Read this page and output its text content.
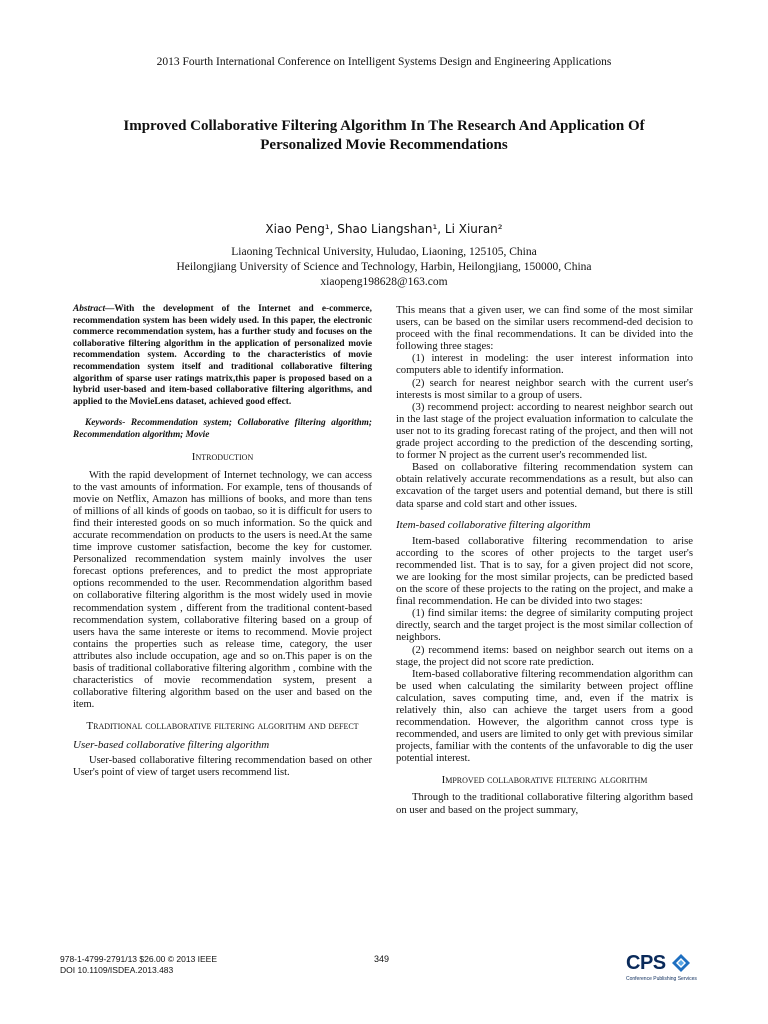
2013 Fourth International Conference on Intelligent Systems Design and Engineering Applications
Improved Collaborative Filtering Algorithm In The Research And Application Of
Personalized Movie Recommendations
Xiao Peng¹, Shao Liangshan¹, Li Xiuran²
Liaoning Technical University, Huludao, Liaoning, 125105, China
Heilongjiang University of Science and Technology, Harbin, Heilongjiang, 150000, China
xiaopeng198628@163.com

Abstract—With the development of the Internet and e-commerce, recommendation system has been widely used. In this paper, the electronic commerce recommendation system, has a further study and focuses on the collaborative filtering algorithm in the application of personalized movie recommendation system. According to the characteristics of movie recommendation system itself and traditional collaborative filtering algorithm of sparse user ratings matrix,this paper is proposed based on a hybrid user-based and item-based collaborative filtering algorithms, and applied to the MovieLens dataset, achieved good effect.

Keywords- Recommendation system; Collaborative filtering algorithm; Recommendation algorithm; Movie

Introduction

With the rapid development of Internet technology, we can access to the vast amounts of information. For example, tens of thousands of movie on Netflix, Amazon has millions of books, and more than tens of millions of all kinds of goods on taobao, so it is difficult for users to find their interested goods on so much information. So the quick and accurate recommendation on products to the users is need.At the same time improve customer satisfaction, become the key for customer. Personalized recommendation system mainly involves the user forecast options preferences, and to predict the most appropriate options recommended to the user. Recommendation algorithm based on collaborative filtering algorithm is the most widely used in movie recommendation system , different from the traditional content-based recommendation system, collaborative filtering based on a group of users hava the same intereste or items to recommend. Movie project contains the properties such as release time, category, the user attributes also include occupation, age and so on.This paper is on the basis of traditional collaborative filtering algorithm , combine with the characteristics of movie recommendation system, present a collaborative filtering algorithm based on the user and based on the item.

Traditional collaborative filtering algorithm and defect
User-based collaborative filtering algorithm

User-based collaborative filtering recommendation based on other User's point of view of target users recommend list.

This means that a given user, we can find some of the most similar users, can be based on the similar users recommend-ded decision to proceed with the final recommendations. It can be divided into the following three stages:

(1) interest in modeling: the user interest information into computers able to identify information.

(2) search for nearest neighbor search with the current user's interests is most similar to a group of users.

(3) recommend project: according to nearest neighbor search out in the last stage of the project evaluation information to calculate the user not to its grading forecast rating of the project, and then will not grade project according to the prediction of the descending sorting, to former N project as the current user's recommended list.

Based on collaborative filtering recommendation system can obtain relatively accurate recommendations as a result, but also can excavation of the target users and potential demand, but there is still data sparse and cold start and other issues.

Item-based collaborative filtering algorithm

Item-based collaborative filtering recommendation to arise according to the scores of other projects to the target user's recommended list. That is to say, for a given project did not score, we are looking for the most similar projects, can be predicted based on the score of these projects to the rating on the project, and make a final recommendation. He can be divided into two stages:

(1) find similar items: the degree of similarity computing project directly, search and the target project is the most similar collection of neighbors.

(2) recommend items: based on neighbor search out items on a stage, the project did not score rate prediction.

Item-based collaborative filtering recommendation algorithm can be used when calculating the similarity between project offline calculation, saves computing time, and, even if the matrix is relatively thin, also can achieve the target users from a good recommendation. However, the algorithm cannot cross type is recommended, and users are limited to only get with previous similar projects, familiar with the contents of the unfavorable to dig the user potential interest.

Improved collaborative filtering algorithm

Through to the traditional collaborative filtering algorithm based on user and based on the project summary,

978-1-4799-2791/13 $26.00 © 2013 IEEE
DOI 10.1109/ISDEA.2013.483
349	CPS
Conference Publishing Services
